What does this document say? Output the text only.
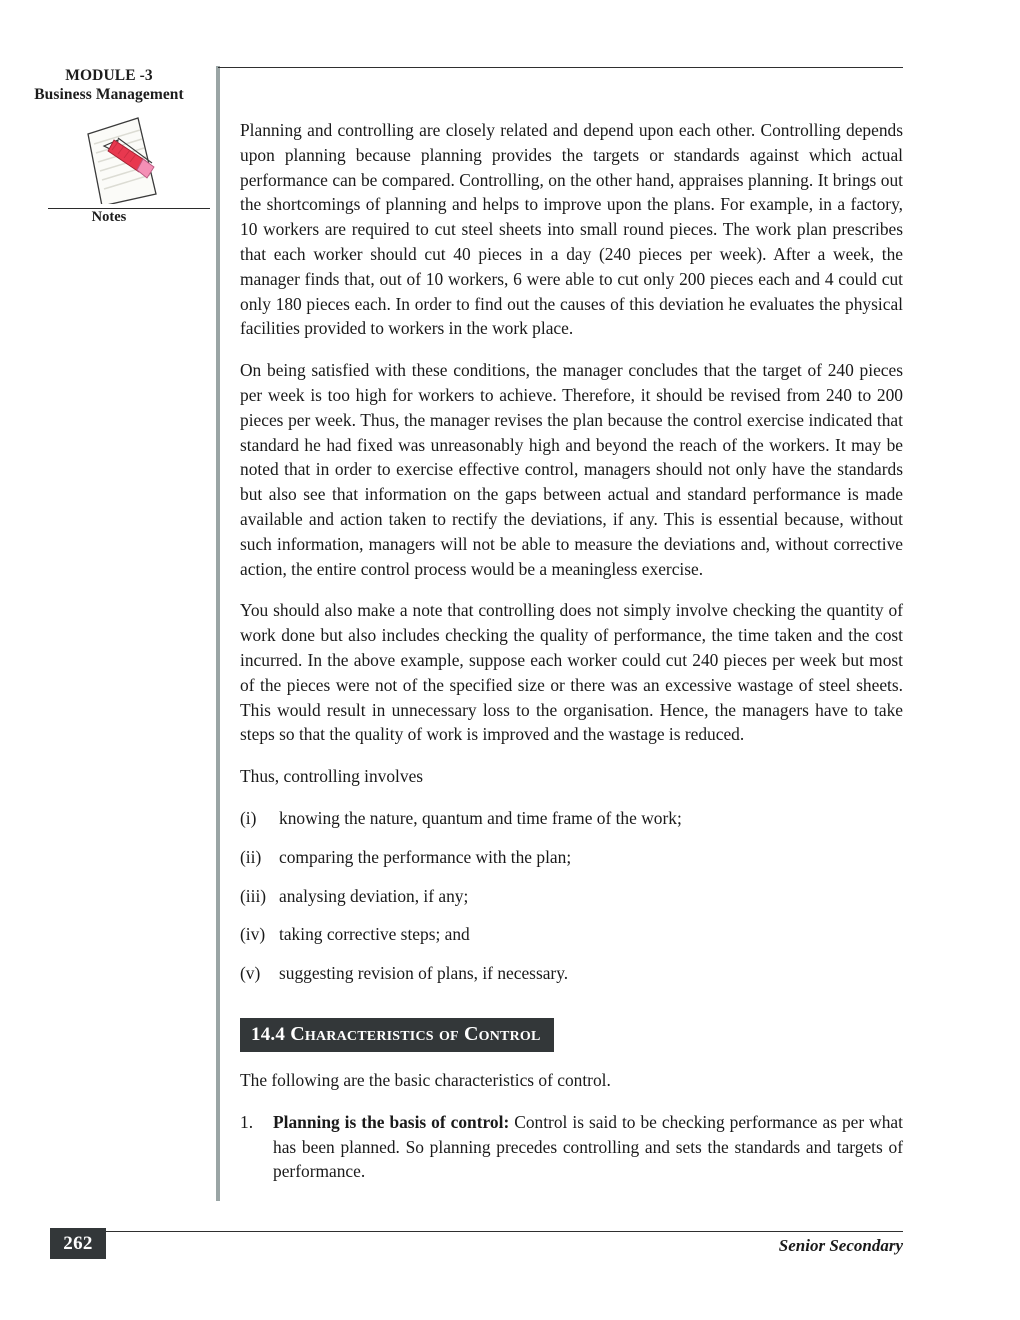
MODULE -3
Business Management
Notes

Planning and controlling are closely related and depend upon each other. Controlling depends upon planning because planning provides the targets or standards against which actual performance can be compared. Controlling, on the other hand, appraises planning. It brings out the shortcomings of planning and helps to improve upon the plans. For example, in a factory, 10 workers are required to cut steel sheets into small round pieces. The work plan prescribes that each worker should cut 40 pieces in a day (240 pieces per week). After a week, the manager finds that, out of 10 workers, 6 were able to cut only 200 pieces each and 4 could cut only 180 pieces each. In order to find out the causes of this deviation he evaluates the physical facilities provided to workers in the work place.

On being satisfied with these conditions, the manager concludes that the target of 240 pieces per week is too high for workers to achieve. Therefore, it should be revised from 240 to 200 pieces per week. Thus, the manager revises the plan because the control exercise indicated that standard he had fixed was unreasonably high and beyond the reach of the workers. It may be noted that in order to exercise effective control, managers should not only have the standards but also see that information on the gaps between actual and standard performance is made available and action taken to rectify the deviations, if any. This is essential because, without such information, managers will not be able to measure the deviations and, without corrective action, the entire control process would be a meaningless exercise.

You should also make a note that controlling does not simply involve checking the quantity of work done but also includes checking the quality of performance, the time taken and the cost incurred. In the above example, suppose each worker could cut 240 pieces per week but most of the pieces were not of the specified size or there was an excessive wastage of steel sheets. This would result in unnecessary loss to the organisation. Hence, the managers have to take steps so that the quality of work is improved and the wastage is reduced.

Thus, controlling involves

(i)	knowing the nature, quantum and time frame of the work;
(ii)	comparing the performance with the plan;
(iii) analysing deviation, if any;
(iv) taking corrective steps; and
(v)	suggesting revision of plans, if necessary.
14.4 Characteristics of Control

The following are the basic characteristics of control.

1.	Planning is the basis of control: Control is said to be checking performance as per what has been planned. So planning precedes controlling and sets the standards and targets of performance.
262	Senior Secondary
